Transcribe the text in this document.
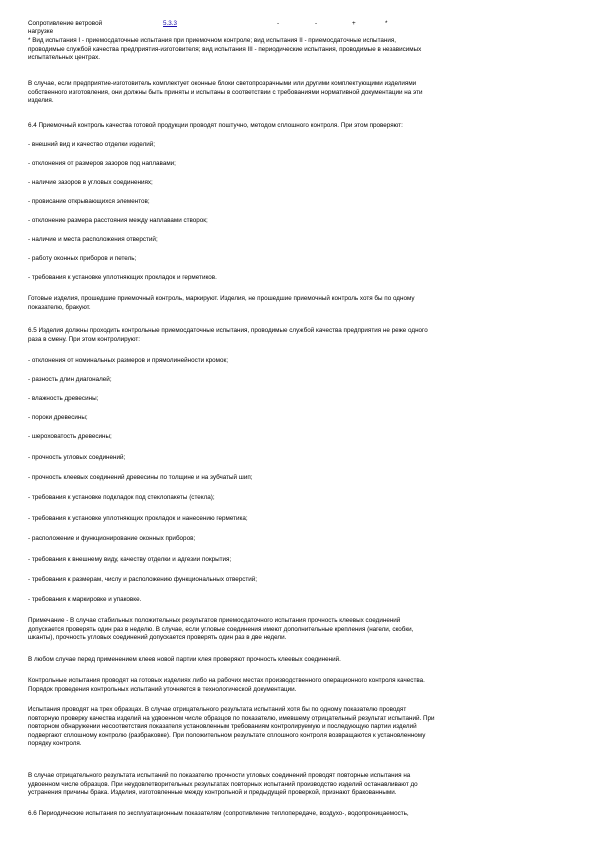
Сопротивление ветровой
нагрузке
5.3.3	-	-	+	*
* Вид испытания I - приемосдаточные испытания при приемочном контроле; вид испытания II - приемосдаточные испытания,
проводимые службой качества предприятия-изготовителя; вид испытания III - периодические испытания, проводимые в независимых
испытательных центрах.
В случае, если предприятие-изготовитель комплектует оконные блоки светопрозрачными или другими комплектующими изделиями
собственного изготовления, они должны быть приняты и испытаны в соответствии с требованиями нормативной документации на эти
изделия.
6.4 Приемочный контроль качества готовой продукции проводят поштучно, методом сплошного контроля. При этом проверяют:
- внешний вид и качество отделки изделий;
- отклонения от размеров зазоров под наплавами;
- наличие зазоров в угловых соединениях;
- провисание открывающихся элементов;
- отклонение размера расстояния между наплавами створок;
- наличие и места расположения отверстий;
- работу оконных приборов и петель;
- требования к установке уплотняющих прокладок и герметиков.
Готовые изделия, прошедшие приемочный контроль, маркируют. Изделия, не прошедшие приемочный контроль хотя бы по одному
показателю, бракуют.
6.5 Изделия должны проходить контрольные приемосдаточные испытания, проводимые службой качества предприятия не реже одного
раза в смену. При этом контролируют:
- отклонения от номинальных размеров и прямолинейности кромок;
- разность длин диагоналей;
- влажность древесины;
- пороки древесины;
- шероховатость древесины;
- прочность угловых соединений;
- прочность клеевых соединений древесины по толщине и на зубчатый шип;
- требования к установке подкладок под стеклопакеты (стекла);
- требования к установке уплотняющих прокладок и нанесению герметика;
- расположение и функционирование оконных приборов;
- требования к внешнему виду, качеству отделки и адгезии покрытия;
- требования к размерам, числу и расположению функциональных отверстий;
- требования к маркировке и упаковке.
Примечание - В случае стабильных положительных результатов приемосдаточного испытания прочность клеевых соединений
допускается проверять один раз в неделю. В случае, если угловые соединения имеют дополнительные крепления (нагели, скобки,
шканты), прочность угловых соединений допускается проверять один раз в две недели.
В любом случае перед применением клеев новой партии клея проверяют прочность клеевых соединений.
Контрольные испытания проводят на готовых изделиях либо на рабочих местах производственного операционного контроля качества.
Порядок проведения контрольных испытаний уточняется в технологической документации.
Испытания проводят на трех образцах. В случае отрицательного результата испытаний хотя бы по одному показателю проводят
повторную проверку качества изделий на удвоенном числе образцов по показателю, имевшему отрицательный результат испытаний. При
повторном обнаружении несоответствия показателя установленным требованиям контролируемую и последующую партии изделий
подвергают сплошному контролю (разбраковке). При положительном результате сплошного контроля возвращаются к установленному
порядку контроля.
В случае отрицательного результата испытаний по показателю прочности угловых соединений проводят повторные испытания на
удвоенном числе образцов. При неудовлетворительных результатах повторных испытаний производство изделий останавливают до
устранения причины брака. Изделия, изготовленные между контрольной и предыдущей проверкой, признают бракованными.
6.6 Периодические испытания по эксплуатационным показателям (сопротивление теплопередаче, воздухо-, водопроницаемость,
